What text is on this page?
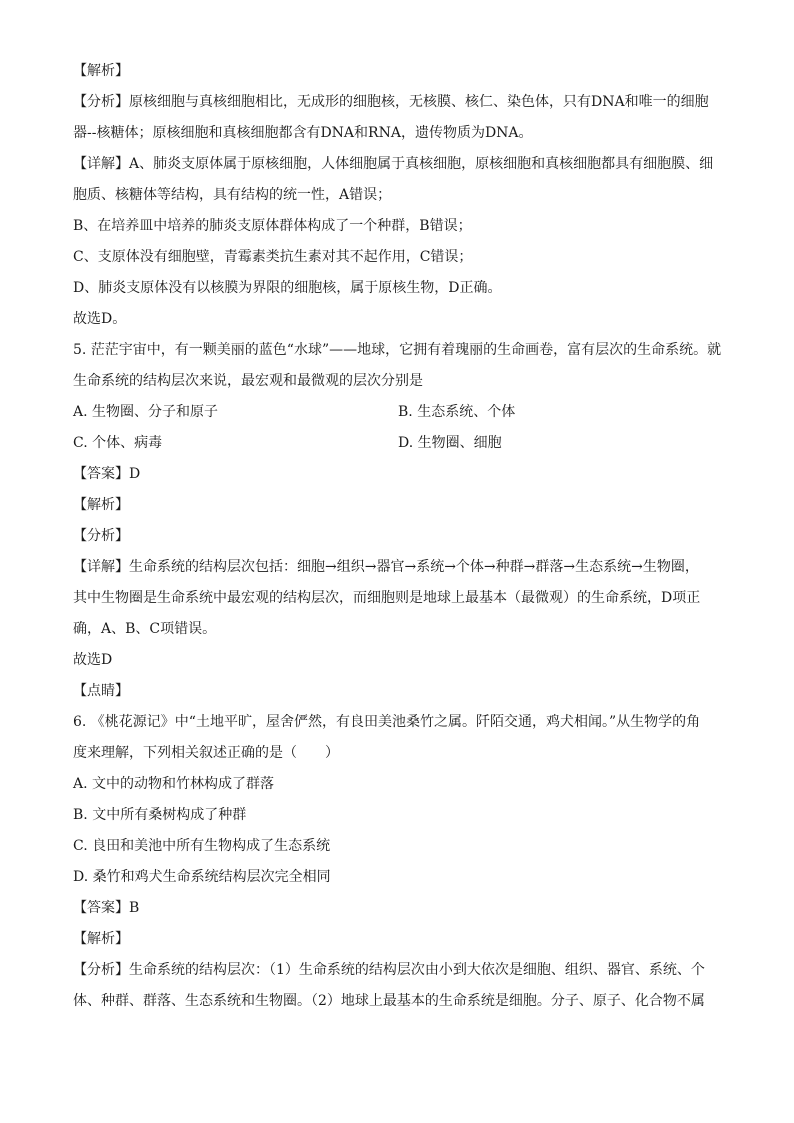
【解析】
【分析】原核细胞与真核细胞相比，无成形的细胞核，无核膜、核仁、染色体，只有DNA和唯一的细胞
器--核糖体；原核细胞和真核细胞都含有DNA和RNA，遗传物质为DNA。
【详解】A、肺炎支原体属于原核细胞，人体细胞属于真核细胞，原核细胞和真核细胞都具有细胞膜、细
胞质、核糖体等结构，具有结构的统一性，A错误；
B、在培养皿中培养的肺炎支原体群体构成了一个种群，B错误；
C、支原体没有细胞壁，青霉素类抗生素对其不起作用，C错误；
D、肺炎支原体没有以核膜为界限的细胞核，属于原核生物，D正确。
故选D。
5. 茫茫宇宙中，有一颗美丽的蓝色“水球”——地球，它拥有着瑰丽的生命画卷，富有层次的生命系统。就
生命系统的结构层次来说，最宏观和最微观的层次分别是
A. 生物圈、分子和原子	B. 生态系统、个体
C. 个体、病毒	D. 生物圈、细胞
【答案】D
【解析】
【分析】
【详解】生命系统的结构层次包括：细胞→组织→器官→系统→个体→种群→群落→生态系统→生物圈，
其中生物圈是生命系统中最宏观的结构层次，而细胞则是地球上最基本（最微观）的生命系统，D项正
确，A、B、C项错误。
故选D
【点睛】
6. 《桃花源记》中“土地平旷，屋舍俨然，有良田美池桑竹之属。阡陌交通，鸡犬相闻。”从生物学的角
度来理解，下列相关叙述正确的是（　　）
A. 文中的动物和竹林构成了群落
B. 文中所有桑树构成了种群
C. 良田和美池中所有生物构成了生态系统
D. 桑竹和鸡犬生命系统结构层次完全相同
【答案】B
【解析】
【分析】生命系统的结构层次：（1）生命系统的结构层次由小到大依次是细胞、组织、器官、系统、个
体、种群、群落、生态系统和生物圈。（2）地球上最基本的生命系统是细胞。分子、原子、化合物不属
